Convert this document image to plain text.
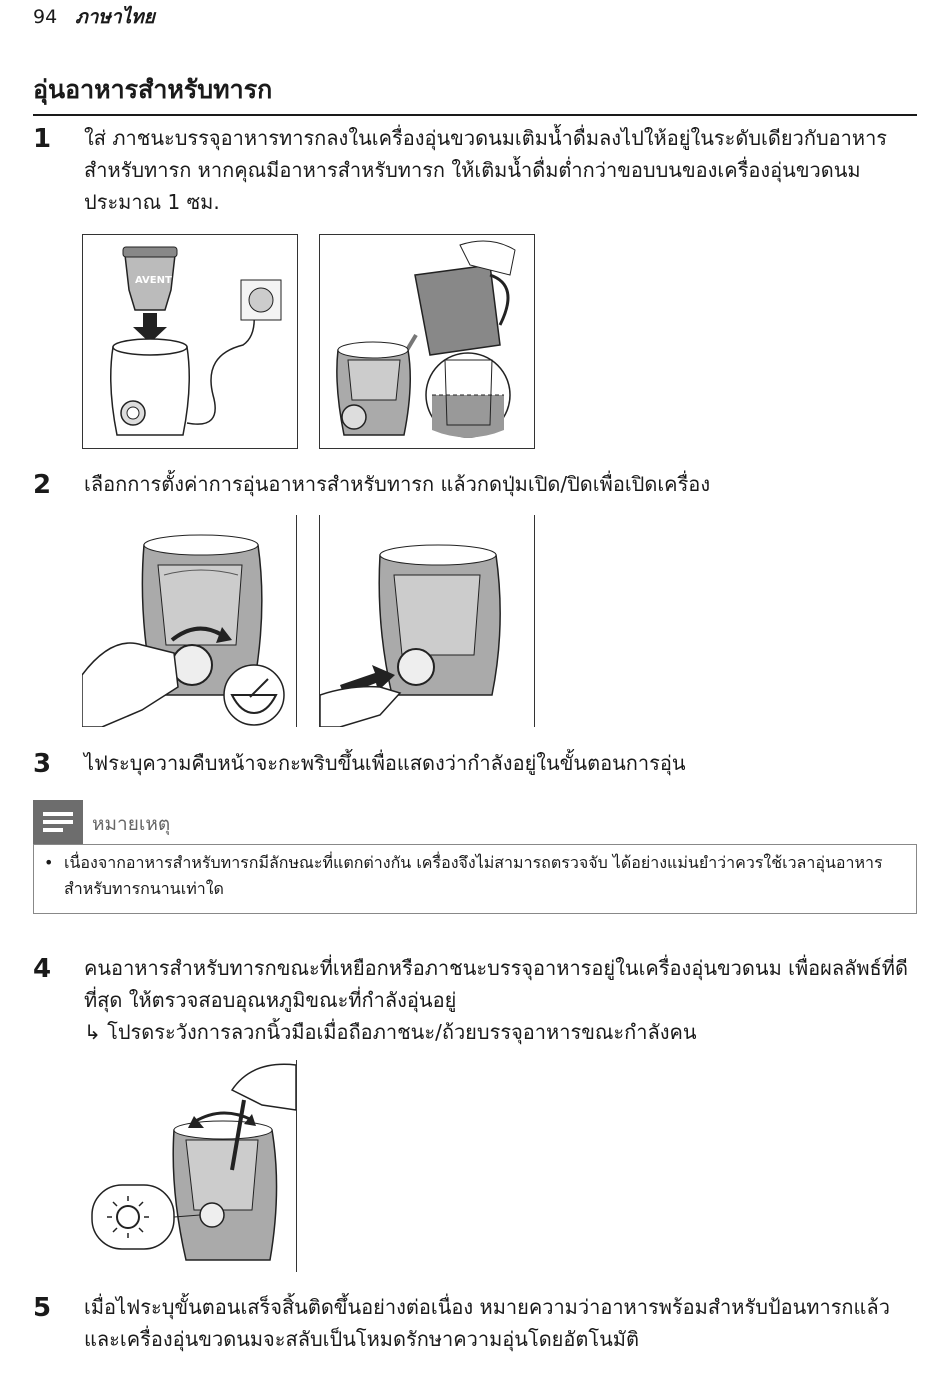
94 ภาษาไทย
อุ่นอาหารสำหรับทารก
1 ใส่ ภาชนะบรรจุอาหารทารกลงในเครื่องอุ่นขวดนมเติมน้ำดื่มลงไปให้อยู่ในระดับเดียวกับอาหารสำหรับทารก หากคุณมีอาหารสำหรับทารก ให้เติมน้ำดื่มต่ำกว่าขอบบนของเครื่องอุ่นขวดนมประมาณ 1 ซม.
AVENT
2 เลือกการตั้งค่าการอุ่นอาหารสำหรับทารก แล้วกดปุ่มเปิด/ปิดเพื่อเปิดเครื่อง
3 ไฟระบุความคืบหน้าจะกะพริบขึ้นเพื่อแสดงว่ากำลังอยู่ในขั้นตอนการอุ่น
หมายเหตุ
• เนื่องจากอาหารสำหรับทารกมีลักษณะที่แตกต่างกัน เครื่องจึงไม่สามารถตรวจจับ ได้อย่างแม่นยำว่าควรใช้เวลาอุ่นอาหารสำหรับทารกนานเท่าใด
4 คนอาหารสำหรับทารกขณะที่เหยือกหรือภาชนะบรรจุอาหารอยู่ในเครื่องอุ่นขวดนม เพื่อผลลัพธ์ที่ดีที่สุด ให้ตรวจสอบอุณหภูมิขณะที่กำลังอุ่นอยู่
↳ โปรดระวังการลวกนิ้วมือเมื่อถือภาชนะ/ถ้วยบรรจุอาหารขณะกำลังคน
5 เมื่อไฟระบุขั้นตอนเสร็จสิ้นติดขึ้นอย่างต่อเนื่อง หมายความว่าอาหารพร้อมสำหรับป้อนทารกแล้ว และเครื่องอุ่นขวดนมจะสลับเป็นโหมดรักษาความอุ่นโดยอัตโนมัติ
